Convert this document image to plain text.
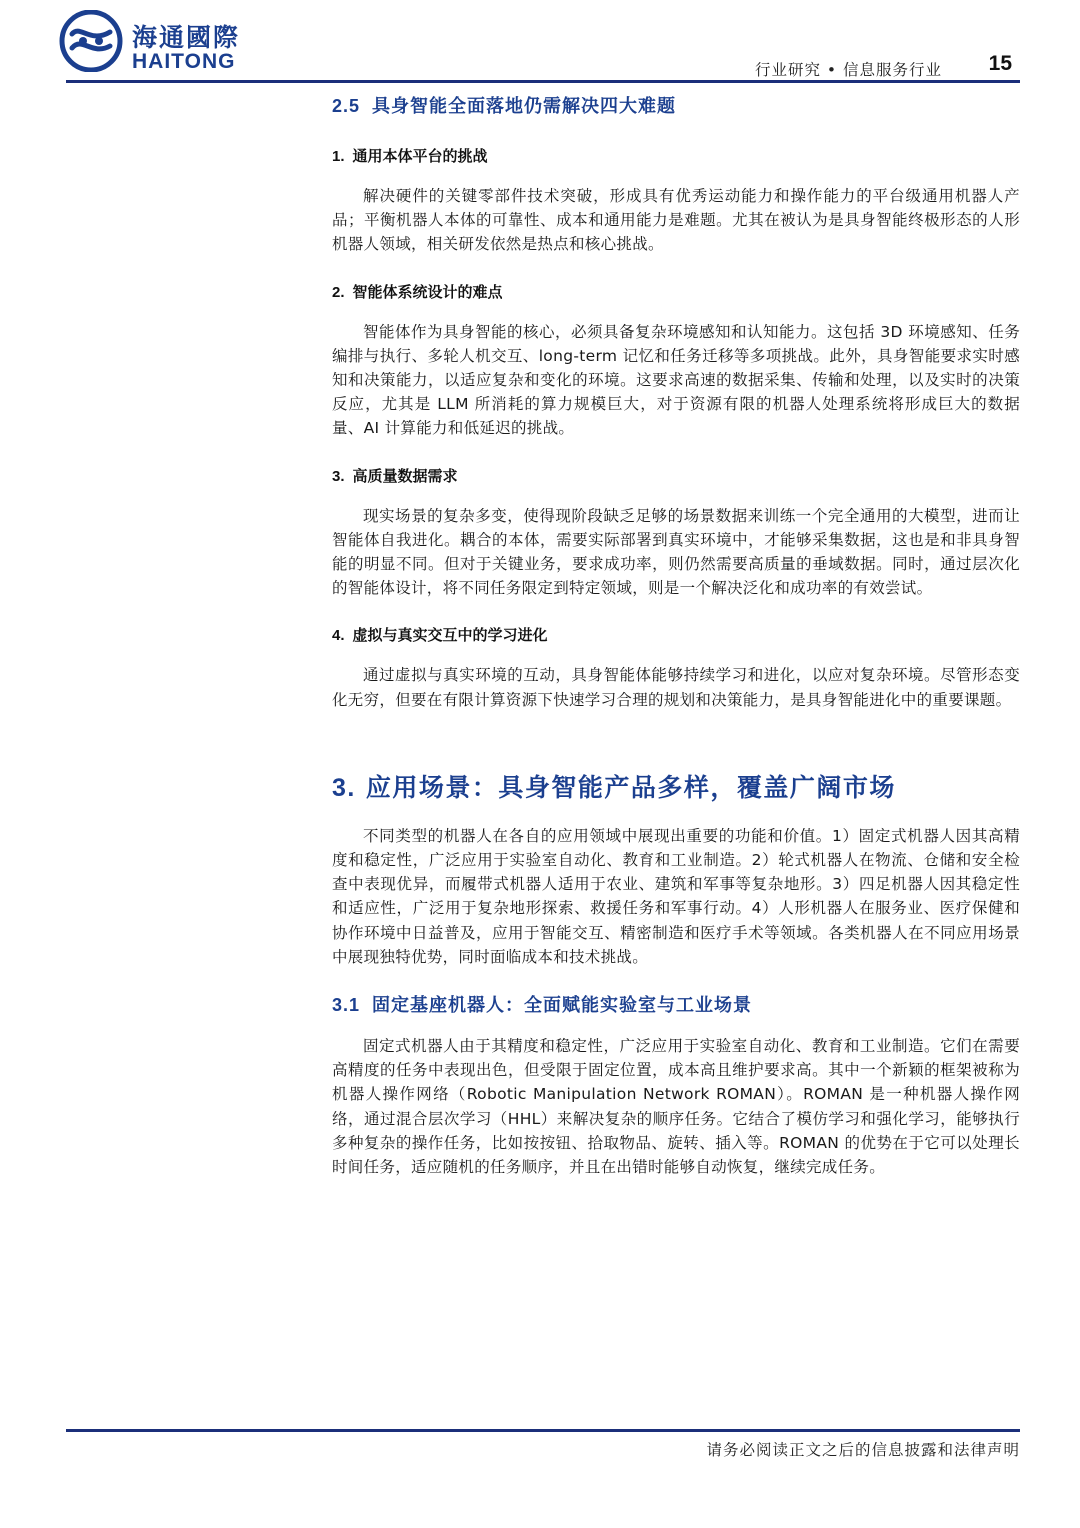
海通國際
HAITONG	行业研究 • 信息服务行业 15
2.5 具身智能全面落地仍需解决四大难题
1. 通用本体平台的挑战

解决硬件的关键零部件技术突破，形成具有优秀运动能力和操作能力的平台级通用机器人产品；平衡机器人本体的可靠性、成本和通用能力是难题。尤其在被认为是具身智能终极形态的人形机器人领域，相关研发依然是热点和核心挑战。

2. 智能体系统设计的难点

智能体作为具身智能的核心，必须具备复杂环境感知和认知能力。这包括 3D 环境感知、任务编排与执行、多轮人机交互、long-term 记忆和任务迁移等多项挑战。此外，具身智能要求实时感知和决策能力，以适应复杂和变化的环境。这要求高速的数据采集、传输和处理，以及实时的决策反应，尤其是 LLM 所消耗的算力规模巨大，对于资源有限的机器人处理系统将形成巨大的数据量、AI 计算能力和低延迟的挑战。

3. 高质量数据需求

现实场景的复杂多变，使得现阶段缺乏足够的场景数据来训练一个完全通用的大模型，进而让智能体自我进化。耦合的本体，需要实际部署到真实环境中，才能够采集数据，这也是和非具身智能的明显不同。但对于关键业务，要求成功率，则仍然需要高质量的垂域数据。同时，通过层次化的智能体设计，将不同任务限定到特定领域，则是一个解决泛化和成功率的有效尝试。

4. 虚拟与真实交互中的学习进化

通过虚拟与真实环境的互动，具身智能体能够持续学习和进化，以应对复杂环境。尽管形态变化无穷，但要在有限计算资源下快速学习合理的规划和决策能力，是具身智能进化中的重要课题。

3. 应用场景：具身智能产品多样，覆盖广阔市场

不同类型的机器人在各自的应用领域中展现出重要的功能和价值。1）固定式机器人因其高精度和稳定性，广泛应用于实验室自动化、教育和工业制造。2）轮式机器人在物流、仓储和安全检查中表现优异，而履带式机器人适用于农业、建筑和军事等复杂地形。3）四足机器人因其稳定性和适应性，广泛用于复杂地形探索、救援任务和军事行动。4）人形机器人在服务业、医疗保健和协作环境中日益普及，应用于智能交互、精密制造和医疗手术等领域。各类机器人在不同应用场景中展现独特优势，同时面临成本和技术挑战。

3.1 固定基座机器人：全面赋能实验室与工业场景

固定式机器人由于其精度和稳定性，广泛应用于实验室自动化、教育和工业制造。它们在需要高精度的任务中表现出色，但受限于固定位置，成本高且维护要求高。其中一个新颖的框架被称为机器人操作网络（Robotic Manipulation Network ROMAN）。ROMAN 是一种机器人操作网络，通过混合层次学习（HHL）来解决复杂的顺序任务。它结合了模仿学习和强化学习，能够执行多种复杂的操作任务，比如按按钮、拾取物品、旋转、插入等。ROMAN 的优势在于它可以处理长时间任务，适应随机的任务顺序，并且在出错时能够自动恢复，继续完成任务。

请务必阅读正文之后的信息披露和法律声明
